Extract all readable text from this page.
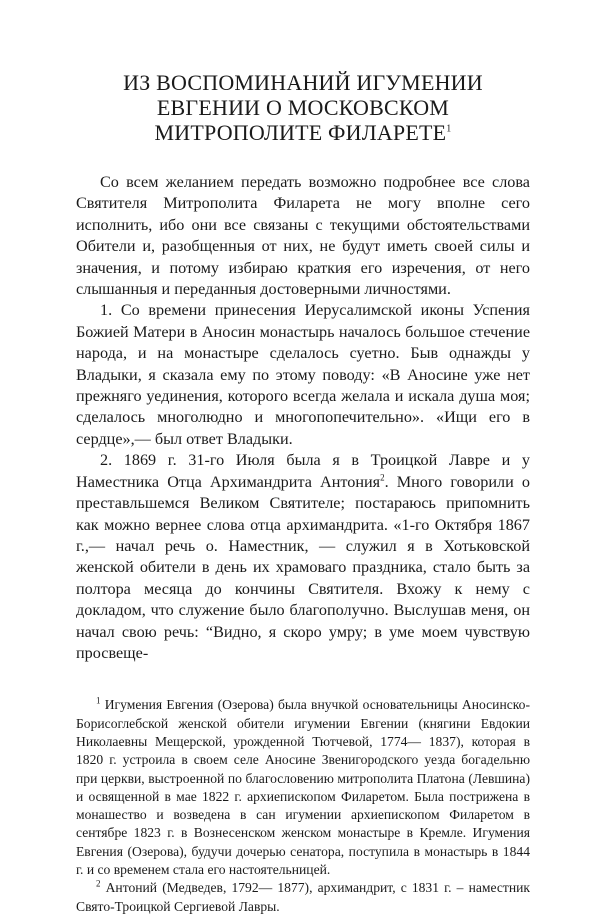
ИЗ ВОСПОМИНАНИЙ ИГУМЕНИИ
ЕВГЕНИИ О МОСКОВСКОМ
МИТРОПОЛИТЕ ФИЛАРЕТЕ$^1$

Со всем желанием передать возможно подробнее все слова Святителя Митрополита Филарета не могу вполне сего исполнить, ибо они все связаны с текущими обстоятельствами Обители и, разобщенныя от них, не будут иметь своей силы и значения, и потому избираю краткия его изречения, от него слышанныя и переданныя достоверными личностями.

1. Со времени принесения Иерусалимской иконы Успения Божией Матери в Аносин монастырь началось большое стечение народа, и на монастыре сделалось суетно. Быв однажды у Владыки, я сказала ему по этому поводу: «В Аносине уже нет прежняго уединения, которого всегда желала и искала душа моя; сделалось многолюдно и многопопечительно». «Ищи его в сердце»,— был ответ Владыки.

2. 1869 г. 31-го Июля была я в Троицкой Лавре и у Наместника Отца Архимандрита Антония$^2$. Много говорили о преставльшемся Великом Святителе; постараюсь припомнить как можно вернее слова отца архимандрита. «1-го Октября 1867 г.,— начал речь о. Наместник, — служил я в Хотьковской женской обители в день их храмоваго праздника, стало быть за полтора месяца до кончины Святителя. Вхожу к нему с докладом, что служение было благополучно. Выслушав меня, он начал свою речь: “Видно, я скоро умру; в уме моем чувствую просвеще-

$^1$ Игумения Евгения (Озерова) была внучкой основательницы Аносинско-Борисоглебской женской обители игумении Евгении (княгини Евдокии Николаевны Мещерской, урожденной Тютчевой, 1774— 1837), которая в 1820 г. устроила в своем селе Аносине Звенигородского уезда богадельню при церкви, выстроенной по благословению митрополита Платона (Левшина) и освященной в мае 1822 г. архиепископом Филаретом. Была пострижена в монашество и возведена в сан игумении архиепископом Филаретом в сентябре 1823 г. в Вознесенском женском монастыре в Кремле. Игумения Евгения (Озерова), будучи дочерью сенатора, поступила в монастырь в 1844 г. и со временем стала его настоятельницей.

$^2$ Антоний (Медведев, 1792— 1877), архимандрит, с 1831 г. – наместник Свято-Троицкой Сергиевой Лавры.
